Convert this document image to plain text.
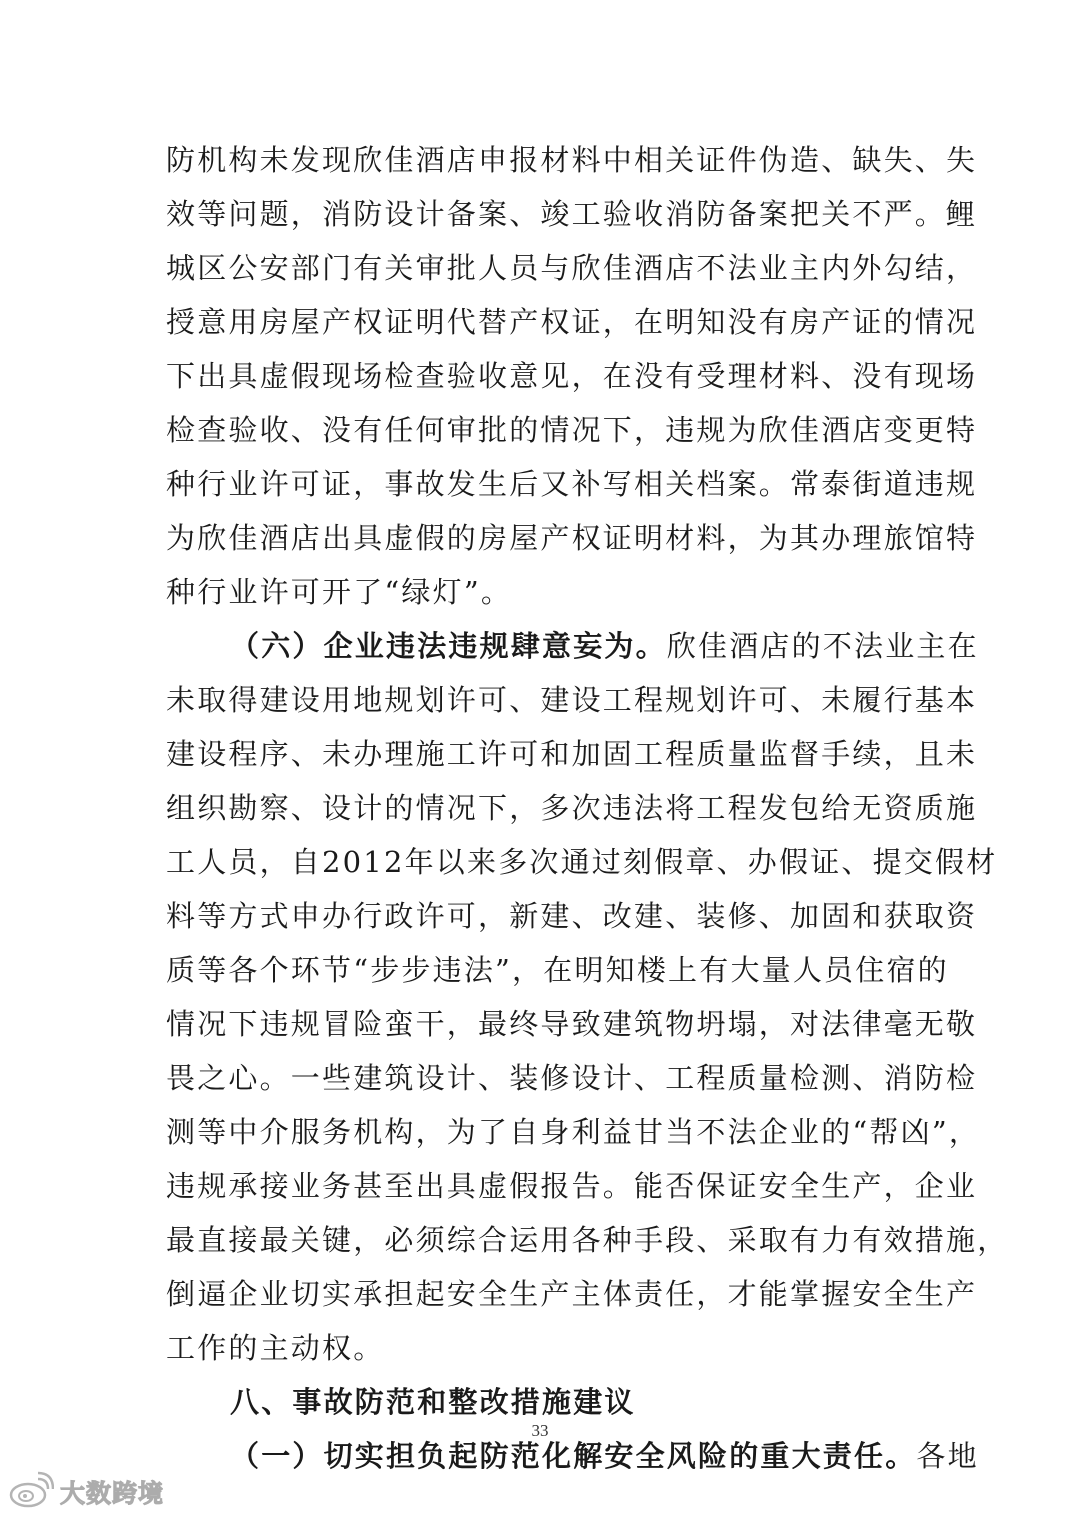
防机构未发现欣佳酒店申报材料中相关证件伪造、缺失、失
效等问题，消防设计备案、竣工验收消防备案把关不严。鲤
城区公安部门有关审批人员与欣佳酒店不法业主内外勾结，
授意用房屋产权证明代替产权证，在明知没有房产证的情况
下出具虚假现场检查验收意见，在没有受理材料、没有现场
检查验收、没有任何审批的情况下，违规为欣佳酒店变更特
种行业许可证，事故发生后又补写相关档案。常泰街道违规
为欣佳酒店出具虚假的房屋产权证明材料，为其办理旅馆特
种行业许可开了“绿灯”。
（六）企业违法违规肆意妄为。欣佳酒店的不法业主在
未取得建设用地规划许可、建设工程规划许可、未履行基本
建设程序、未办理施工许可和加固工程质量监督手续，且未
组织勘察、设计的情况下，多次违法将工程发包给无资质施
工人员，自2012年以来多次通过刻假章、办假证、提交假材
料等方式申办行政许可，新建、改建、装修、加固和获取资
质等各个环节“步步违法”，在明知楼上有大量人员住宿的
情况下违规冒险蛮干，最终导致建筑物坍塌，对法律毫无敬
畏之心。一些建筑设计、装修设计、工程质量检测、消防检
测等中介服务机构，为了自身利益甘当不法企业的“帮凶”，
违规承接业务甚至出具虚假报告。能否保证安全生产，企业
最直接最关键，必须综合运用各种手段、采取有力有效措施，
倒逼企业切实承担起安全生产主体责任，才能掌握安全生产
工作的主动权。
八、事故防范和整改措施建议
（一）切实担负起防范化解安全风险的重大责任。各地
33
大数跨境
